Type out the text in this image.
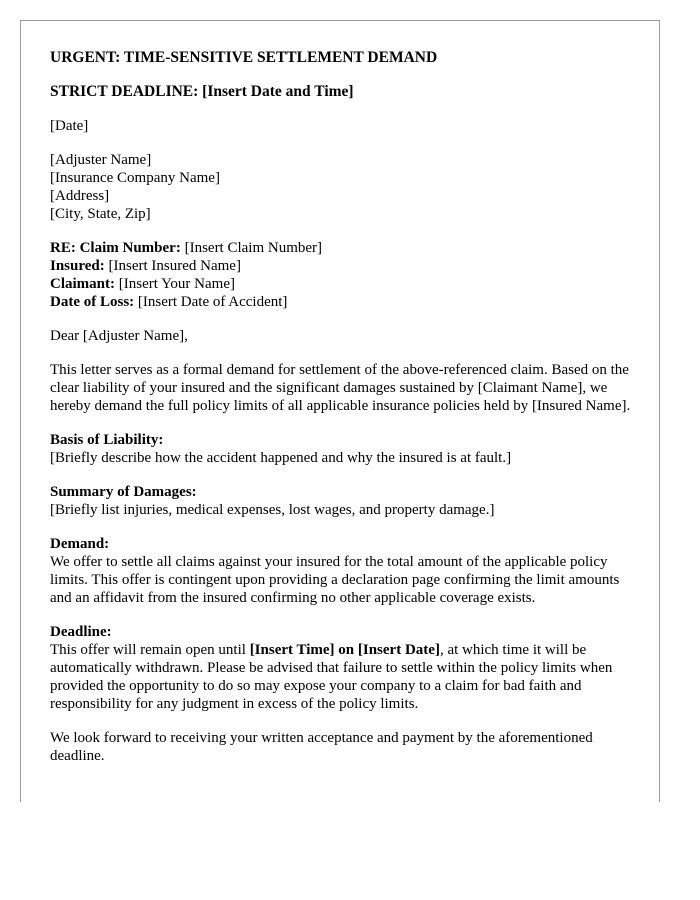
URGENT: TIME-SENSITIVE SETTLEMENT DEMAND

STRICT DEADLINE: [Insert Date and Time]

[Date]

[Adjuster Name]

[Insurance Company Name]

[Address]

[City, State, Zip]

RE: Claim Number: [Insert Claim Number]

Insured: [Insert Insured Name]

Claimant: [Insert Your Name]

Date of Loss: [Insert Date of Accident]

Dear [Adjuster Name],

This letter serves as a formal demand for settlement of the above-referenced claim. Based on the clear liability of your insured and the significant damages sustained by [Claimant Name], we hereby demand the full policy limits of all applicable insurance policies held by [Insured Name].

Basis of Liability:

[Briefly describe how the accident happened and why the insured is at fault.]

Summary of Damages:

[Briefly list injuries, medical expenses, lost wages, and property damage.]

Demand:

We offer to settle all claims against your insured for the total amount of the applicable policy limits. This offer is contingent upon providing a declaration page confirming the limit amounts and an affidavit from the insured confirming no other applicable coverage exists.

Deadline:

This offer will remain open until [Insert Time] on [Insert Date], at which time it will be automatically withdrawn. Please be advised that failure to settle within the policy limits when provided the opportunity to do so may expose your company to a claim for bad faith and responsibility for any judgment in excess of the policy limits.

We look forward to receiving your written acceptance and payment by the aforementioned deadline.
